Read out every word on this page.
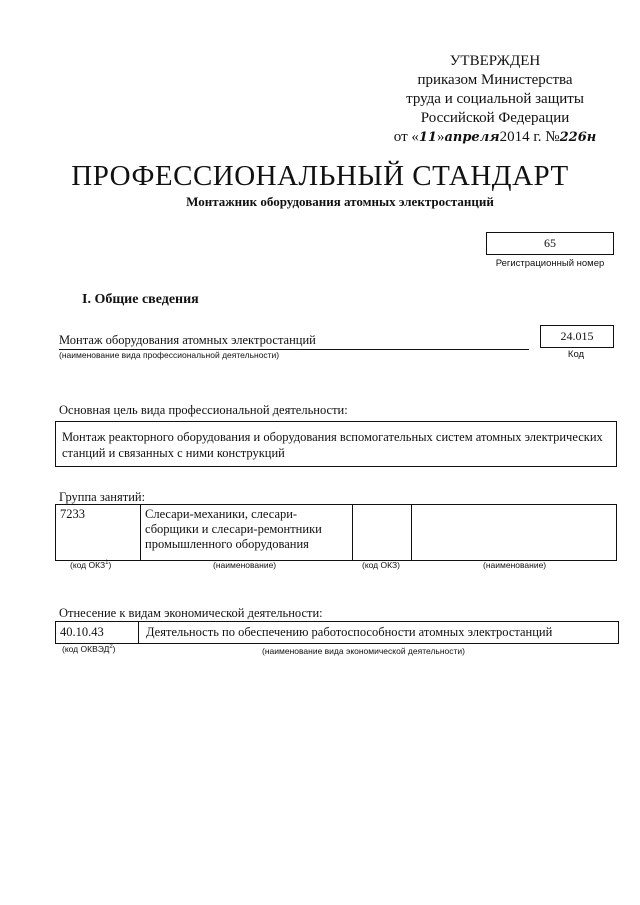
УТВЕРЖДЕН
приказом Министерства
труда и социальной защиты
Российской Федерации
от «11»апреля2014 г. №226н
ПРОФЕССИОНАЛЬНЫЙ СТАНДАРТ
Монтажник оборудования атомных электростанций
65
Регистрационный номер
I. Общие сведения
Монтаж оборудования атомных электростанций
(наименование вида профессиональной деятельности)
24.015
Код
Основная цель вида профессиональной деятельности:
Монтаж реакторного оборудования и оборудования вспомогательных систем атомных электрических станций и связанных с ними конструкций
Группа занятий:
7233	Слесари-механики, слесари-сборщики и слесари-ремонтники промышленного оборудования		
(код ОКЗ$^1$)	(наименование)	(код ОКЗ)	(наименование)
Отнесение к видам экономической деятельности:
40.10.43	Деятельность по обеспечению работоспособности атомных электростанций
(код ОКВЭД$^2$)	(наименование вида экономической деятельности)
